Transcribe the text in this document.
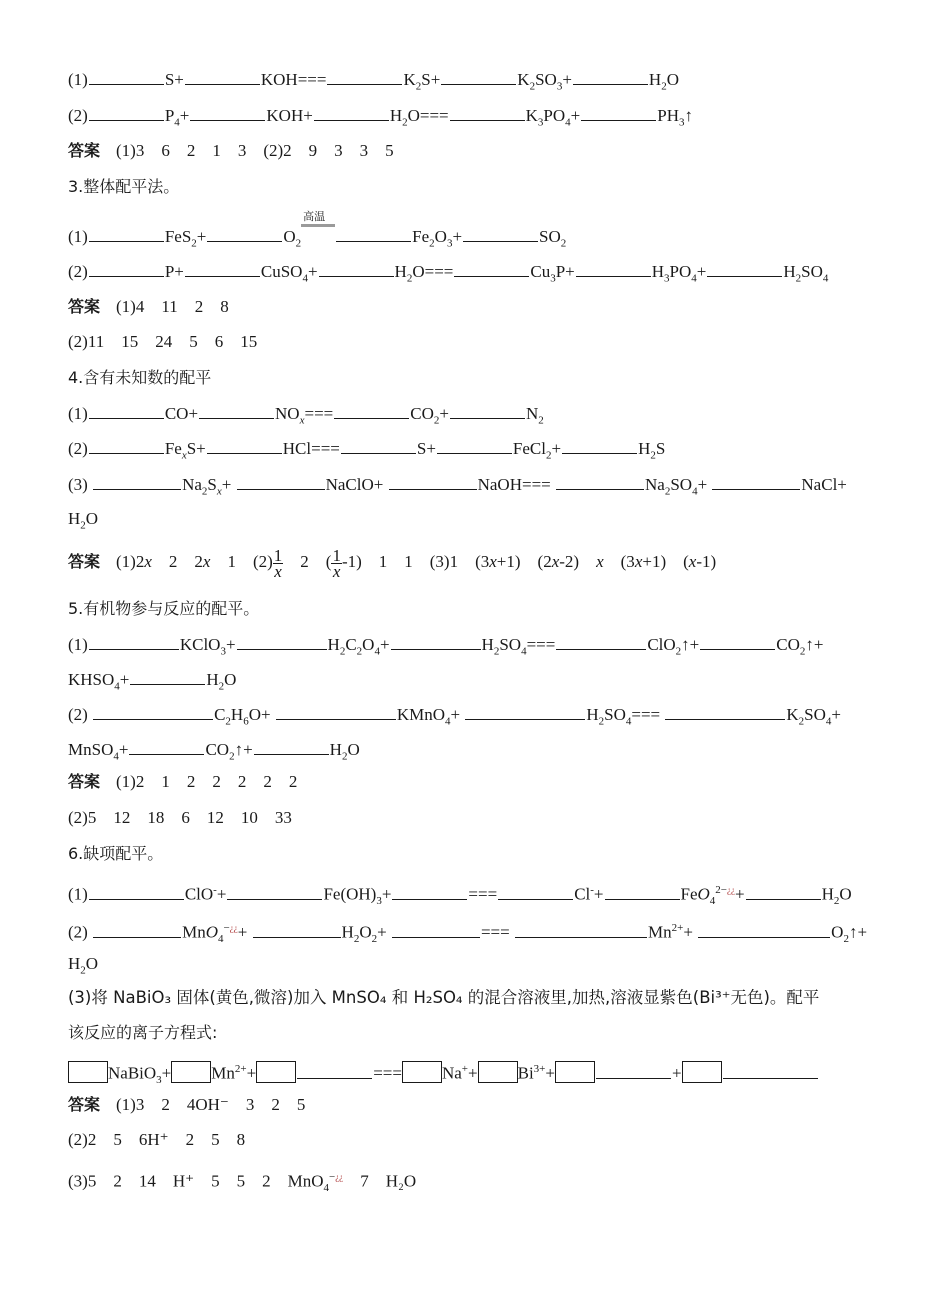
(1)	S+	KOH===	$K_2S+$	$K_2SO_3+$	$H_2O$
(2)	$P_4+$	KOH+	$H_2O===$	$K_3PO_4+$	$PH_3↑$
答案 (1)3    6    2    1    3    (2)2    9    3    3    5
3.整体配平法。
(1)	FeS$_2$+	$O_2$
高温
$Fe_2O_3+$	$SO_2$
(2)	P+	CuSO$_4$+	$H_2O===$	$Cu_3P+$	$H_3PO_4+$	$H_2SO_4$
答案 (1)4    11    2    8
(2)11    15    24    5    6    15
4.含有未知数的配平
(1)	CO+	$NO_x===$	$CO_2+$	$N_2$
(2)	$Fe_xS+$	HCl===	S+	FeCl$_2$+	$H_2S$
(3)	$Na_2S_x+$	NaClO+	NaOH===	$Na_2SO_4+$	NaCl+
$H_2O$
答案 (1)2x    2    2x    1    $(2) \frac{1}{x} 2$    ( $\frac{1}{x} -1$)    1    1    (3)1    (3x+1)    (2x-2)    x    (3x+1)    (x-1)
5.有机物参与反应的配平。
(1)	KClO$_3$+	$H_2C_2O_4+$	$H_2SO_4===$	ClO$_2$↑+	$CO_2↑+$
$KHSO_4+$	$H_2O$
(2)	$C_2H_6O+$	KMnO$_4$+	$H_2SO_4===$	$K_2SO_4+$
MnSO$_4$+	$CO_2↑+$	$H_2O$
答案 (1)2    1    2    2    2    2    2
(2)5    12    18    6    12    10    33
6.缺项配平。
(1)	ClO-+	$Fe(OH)_3+$	===	Cl-+	FeO$_4^{2-¿¿}$+	$H_2O$
(2)	MnO$_4$−¿¿+	$H_2O_2+$	===	$Mn^{2+}+$	$O_2↑+$
$H_2O$
(3)将 NaBiO₃ 固体(黄色,微溶)加入 MnSO₄ 和 H₂SO₄ 的混合溶液里,加热,溶液显紫色(Bi³⁺无色)。配平
该反应的离子方程式:
NaBiO$_3$+ $Mn^{2+}+$	=== $Na^++ Bi^{3+}+$	+
答案 (1)3    2    4OH⁻    3    2    5
(2)2    5    6H⁺    2    5    8
(3)5    2    14    H⁺    5    5    2    MnO$_4$−¿¿    7    H₂O
